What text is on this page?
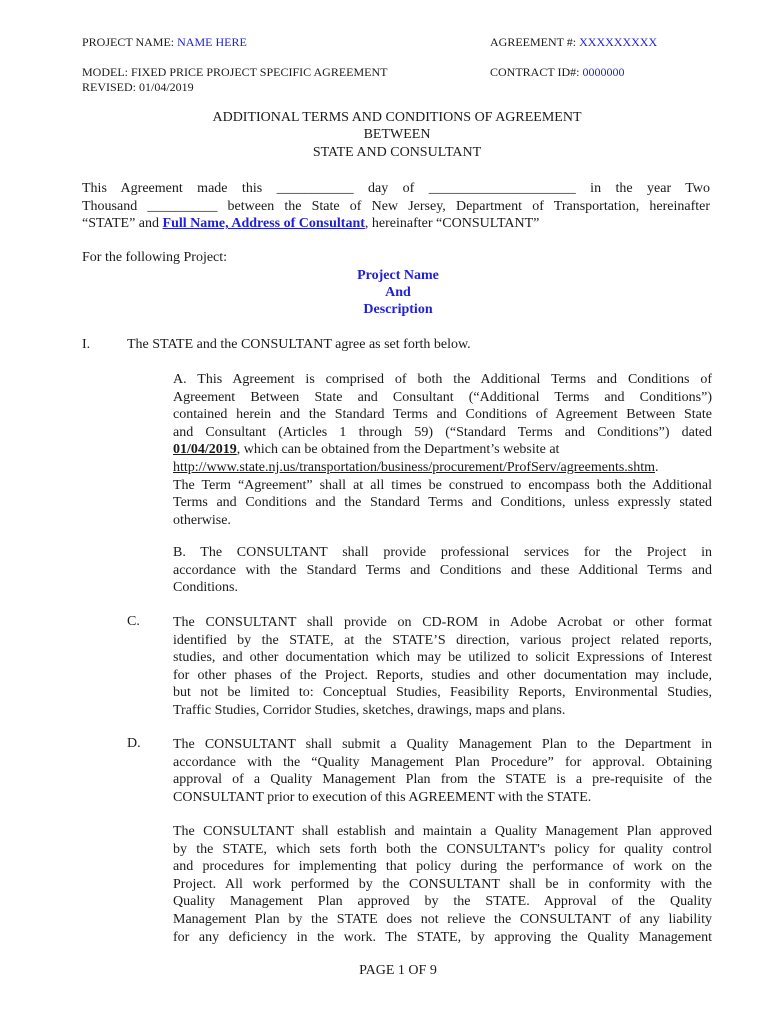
PROJECT NAME: NAME HERE	AGREEMENT #: XXXXXXXXX
MODEL: FIXED PRICE PROJECT SPECIFIC AGREEMENT	CONTRACT ID#: 0000000
REVISED: 01/04/2019
ADDITIONAL TERMS AND CONDITIONS OF AGREEMENT
BETWEEN
STATE AND CONSULTANT
This Agreement made this ___________ day of _____________________ in the year Two
Thousand __________ between the State of New Jersey, Department of Transportation, hereinafter
“STATE” and Full Name, Address of Consultant, hereinafter “CONSULTANT”
For the following Project:
Project Name
And
Description
I.	The STATE and the CONSULTANT agree as set forth below.
A. This Agreement is comprised of both the Additional Terms and Conditions of
Agreement Between State and Consultant (“Additional Terms and Conditions”)
contained herein and the Standard Terms and Conditions of Agreement Between State
and Consultant (Articles 1 through 59) (“Standard Terms and Conditions”) dated
01/04/2019, which can be obtained from the Department’s website at
http://www.state.nj.us/transportation/business/procurement/ProfServ/agreements.shtm.
The Term “Agreement” shall at all times be construed to encompass both the Additional
Terms and Conditions and the Standard Terms and Conditions, unless expressly stated
otherwise.
B. The CONSULTANT shall provide professional services for the Project in
accordance with the Standard Terms and Conditions and these Additional Terms and
Conditions.
C. The CONSULTANT shall provide on CD-ROM in Adobe Acrobat or other format
identified by the STATE, at the STATE’S direction, various project related reports,
studies, and other documentation which may be utilized to solicit Expressions of Interest
for other phases of the Project. Reports, studies and other documentation may include,
but not be limited to: Conceptual Studies, Feasibility Reports, Environmental Studies,
Traffic Studies, Corridor Studies, sketches, drawings, maps and plans.
D. The CONSULTANT shall submit a Quality Management Plan to the Department in
accordance with the “Quality Management Plan Procedure” for approval. Obtaining
approval of a Quality Management Plan from the STATE is a pre-requisite of the
CONSULTANT prior to execution of this AGREEMENT with the STATE.
The CONSULTANT shall establish and maintain a Quality Management Plan approved
by the STATE, which sets forth both the CONSULTANT's policy for quality control
and procedures for implementing that policy during the performance of work on the
Project. All work performed by the CONSULTANT shall be in conformity with the
Quality Management Plan approved by the STATE. Approval of the Quality
Management Plan by the STATE does not relieve the CONSULTANT of any liability
for any deficiency in the work. The STATE, by approving the Quality Management
PAGE 1 OF 9
